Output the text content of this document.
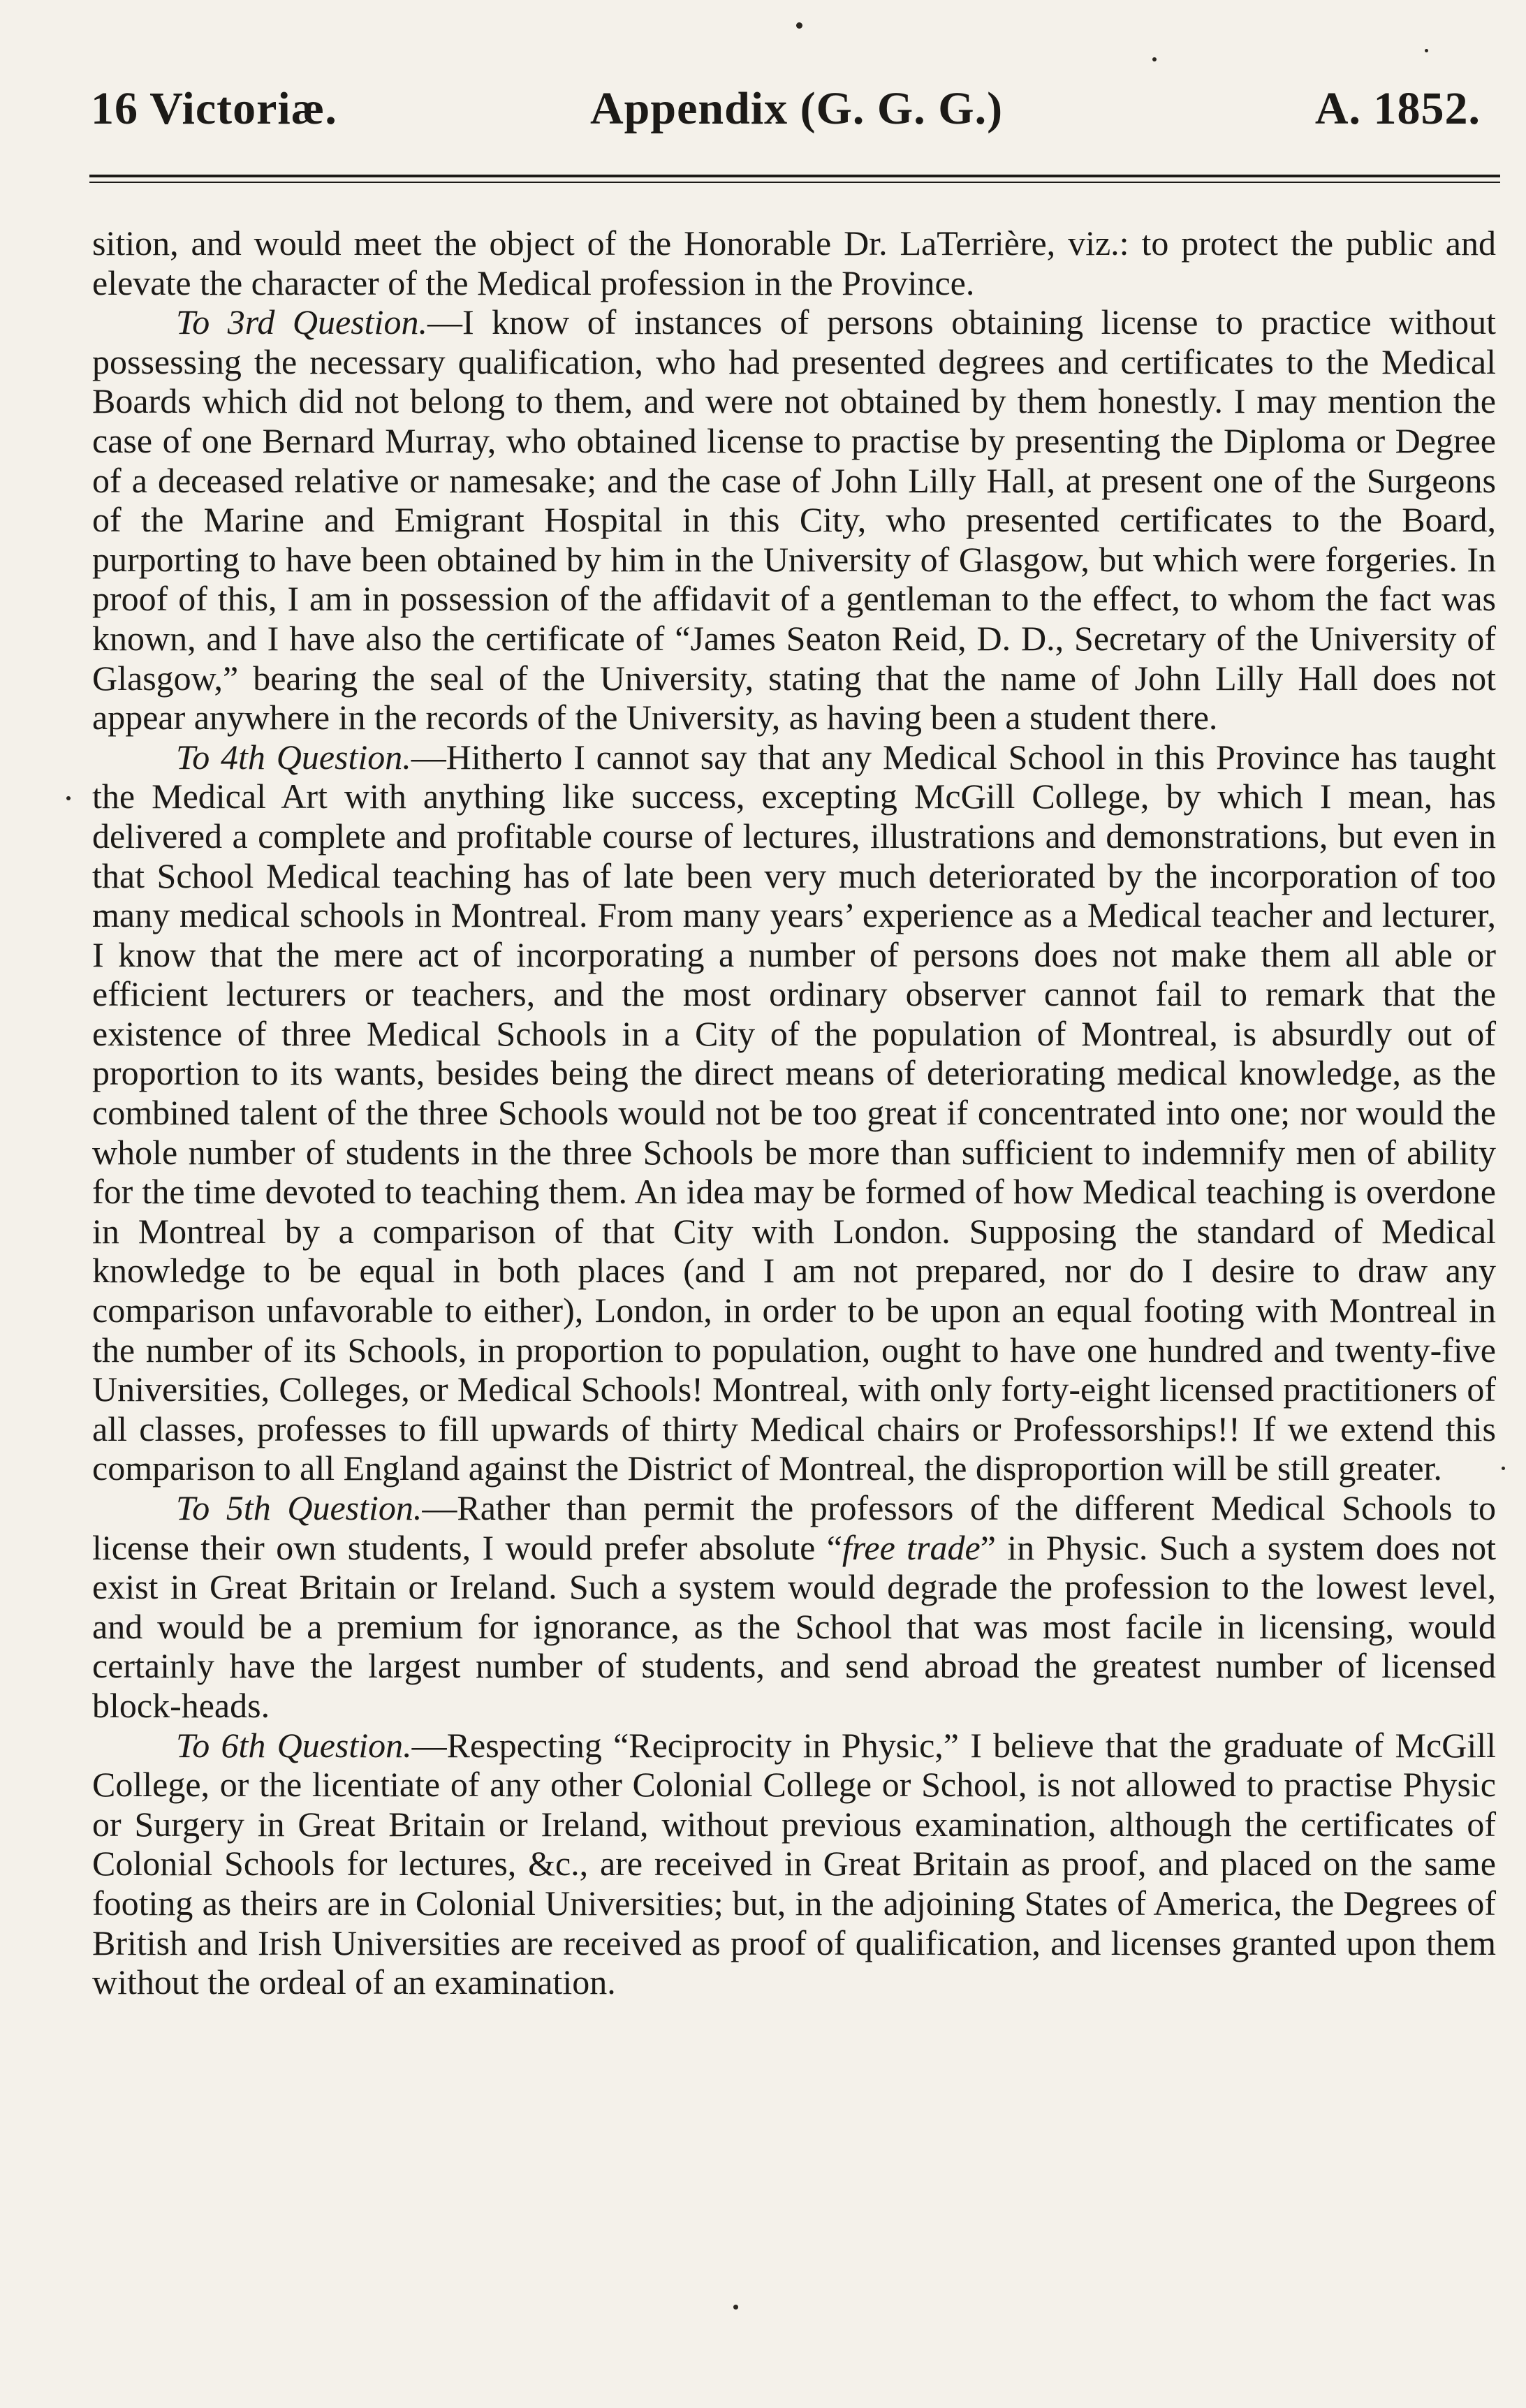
16 Victoriæ.	Appendix (G. G. G.)	A. 1852.

sition, and would meet the object of the Honorable Dr. LaTerrière, viz.: to protect the public and elevate the character of the Medical profession in the Province.

To 3rd Question.—I know of instances of persons obtaining license to practice without possessing the necessary qualification, who had presented degrees and certificates to the Medical Boards which did not belong to them, and were not obtained by them honestly. I may mention the case of one Bernard Murray, who obtained license to practise by presenting the Diploma or Degree of a deceased relative or namesake; and the case of John Lilly Hall, at present one of the Surgeons of the Marine and Emigrant Hospital in this City, who presented certificates to the Board, purporting to have been obtained by him in the University of Glasgow, but which were forgeries. In proof of this, I am in possession of the affidavit of a gentleman to the effect, to whom the fact was known, and I have also the certificate of “James Seaton Reid, D. D., Secretary of the University of Glasgow,” bearing the seal of the University, stating that the name of John Lilly Hall does not appear anywhere in the records of the University, as having been a student there.

To 4th Question.—Hitherto I cannot say that any Medical School in this Province has taught the Medical Art with anything like success, excepting McGill College, by which I mean, has delivered a complete and profitable course of lectures, illustrations and demonstrations, but even in that School Medical teaching has of late been very much deteriorated by the incorporation of too many medical schools in Montreal. From many years’ experience as a Medical teacher and lecturer, I know that the mere act of incorporating a number of persons does not make them all able or efficient lecturers or teachers, and the most ordinary observer cannot fail to remark that the existence of three Medical Schools in a City of the population of Montreal, is absurdly out of proportion to its wants, besides being the direct means of deteriorating medical knowledge, as the combined talent of the three Schools would not be too great if concentrated into one; nor would the whole number of students in the three Schools be more than sufficient to indemnify men of ability for the time devoted to teaching them. An idea may be formed of how Medical teaching is overdone in Montreal by a comparison of that City with London. Supposing the standard of Medical knowledge to be equal in both places (and I am not prepared, nor do I desire to draw any comparison unfavorable to either), London, in order to be upon an equal footing with Montreal in the number of its Schools, in proportion to population, ought to have one hundred and twenty-five Universities, Colleges, or Medical Schools! Montreal, with only forty-eight licensed practitioners of all classes, professes to fill upwards of thirty Medical chairs or Professorships!! If we extend this comparison to all England against the District of Montreal, the disproportion will be still greater.

To 5th Question.—Rather than permit the professors of the different Medical Schools to license their own students, I would prefer absolute “free trade” in Physic. Such a system does not exist in Great Britain or Ireland. Such a system would degrade the profession to the lowest level, and would be a premium for ignorance, as the School that was most facile in licensing, would certainly have the largest number of students, and send abroad the greatest number of licensed block-heads.

To 6th Question.—Respecting “Reciprocity in Physic,” I believe that the graduate of McGill College, or the licentiate of any other Colonial College or School, is not allowed to practise Physic or Surgery in Great Britain or Ireland, without previous examination, although the certificates of Colonial Schools for lectures, &c., are received in Great Britain as proof, and placed on the same footing as theirs are in Colonial Universities; but, in the adjoining States of America, the Degrees of British and Irish Universities are received as proof of qualification, and licenses granted upon them without the ordeal of an examination.
